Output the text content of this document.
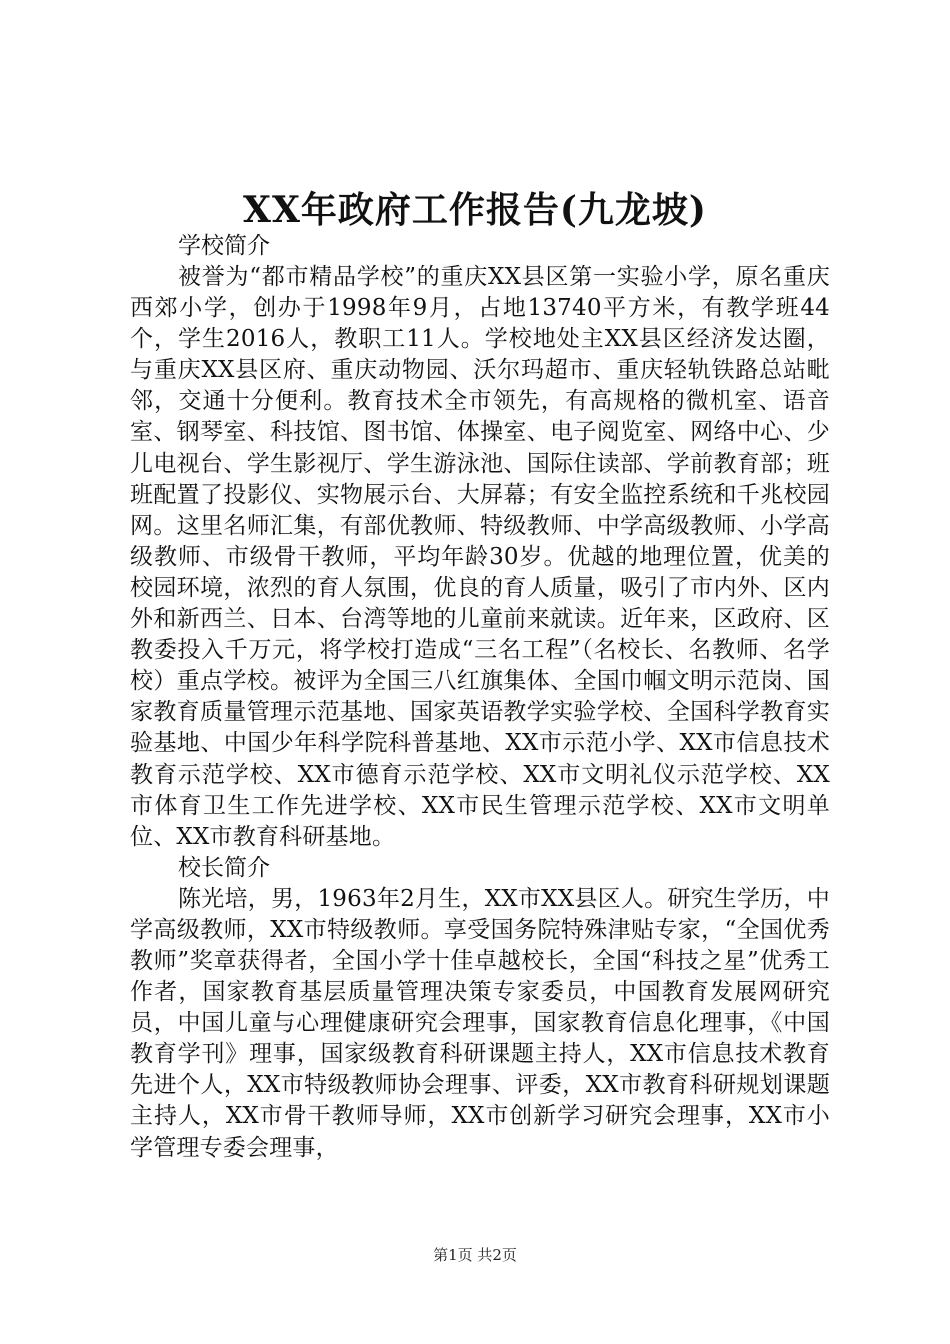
XX年政府工作报告(九龙坡)

学校简介

被誉为“都市精品学校”的重庆XX县区第一实验小学，原名重庆西郊小学，创办于1998年9月，占地13740平方米，有教学班44个，学生2016人，教职工11人。学校地处主XX县区经济发达圈，与重庆XX县区府、重庆动物园、沃尔玛超市、重庆轻轨铁路总站毗邻，交通十分便利。教育技术全市领先，有高规格的微机室、语音室、钢琴室、科技馆、图书馆、体操室、电子阅览室、网络中心、少儿电视台、学生影视厅、学生游泳池、国际住读部、学前教育部；班班配置了投影仪、实物展示台、大屏幕；有安全监控系统和千兆校园网。这里名师汇集，有部优教师、特级教师、中学高级教师、小学高级教师、市级骨干教师，平均年龄30岁。优越的地理位置，优美的校园环境，浓烈的育人氛围，优良的育人质量，吸引了市内外、区内外和新西兰、日本、台湾等地的儿童前来就读。近年来，区政府、区教委投入千万元，将学校打造成“三名工程”（名校长、名教师、名学校）重点学校。被评为全国三八红旗集体、全国巾帼文明示范岗、国家教育质量管理示范基地、国家英语教学实验学校、全国科学教育实验基地、中国少年科学院科普基地、XX市示范小学、XX市信息技术教育示范学校、XX市德育示范学校、XX市文明礼仪示范学校、XX市体育卫生工作先进学校、XX市民生管理示范学校、XX市文明单位、XX市教育科研基地。

校长简介

陈光培，男，1963年2月生，XX市XX县区人。研究生学历，中学高级教师，XX市特级教师。享受国务院特殊津贴专家，“全国优秀教师”奖章获得者，全国小学十佳卓越校长，全国“科技之星”优秀工作者，国家教育基层质量管理决策专家委员，中国教育发展网研究员，中国儿童与心理健康研究会理事，国家教育信息化理事，《中国教育学刊》理事，国家级教育科研课题主持人，XX市信息技术教育先进个人，XX市特级教师协会理事、评委，XX市教育科研规划课题主持人，XX市骨干教师导师，XX市创新学习研究会理事，XX市小学管理专委会理事，

第1页 共2页
